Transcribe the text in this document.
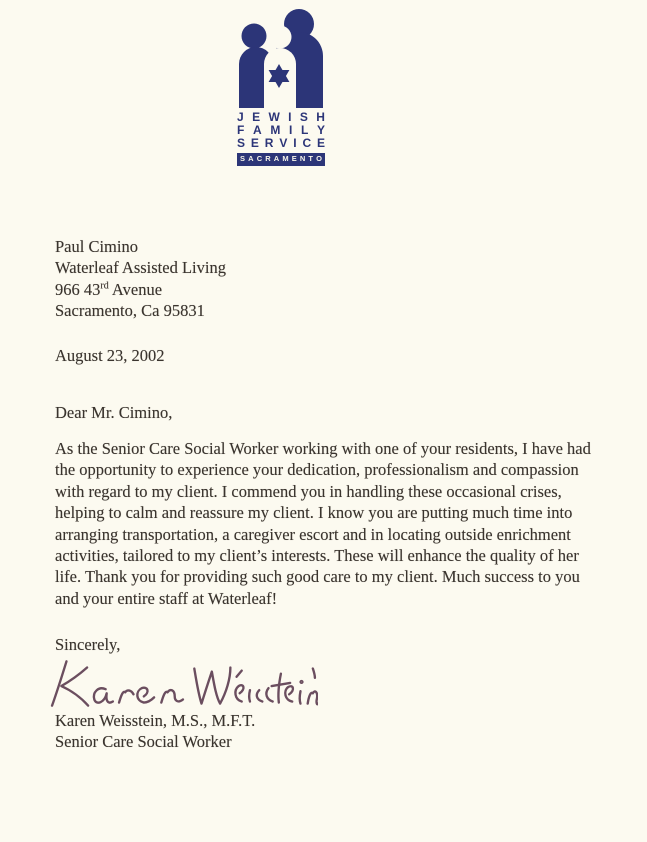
J E W I S H
F A M I L Y
S E R V I C E
S A C R A M E N T O
Paul Cimino
Waterleaf Assisted Living
966 43rd Avenue
Sacramento, Ca 95831
August 23, 2002
Dear Mr. Cimino,
As the Senior Care Social Worker working with one of your residents, I have had
the opportunity to experience your dedication, professionalism and compassion
with regard to my client. I commend you in handling these occasional crises,
helping to calm and reassure my client. I know you are putting much time into
arranging transportation, a caregiver escort and in locating outside enrichment
activities, tailored to my client’s interests. These will enhance the quality of her
life. Thank you for providing such good care to my client. Much success to you
and your entire staff at Waterleaf!
Sincerely,
Karen Weisstein, M.S., M.F.T.
Senior Care Social Worker
